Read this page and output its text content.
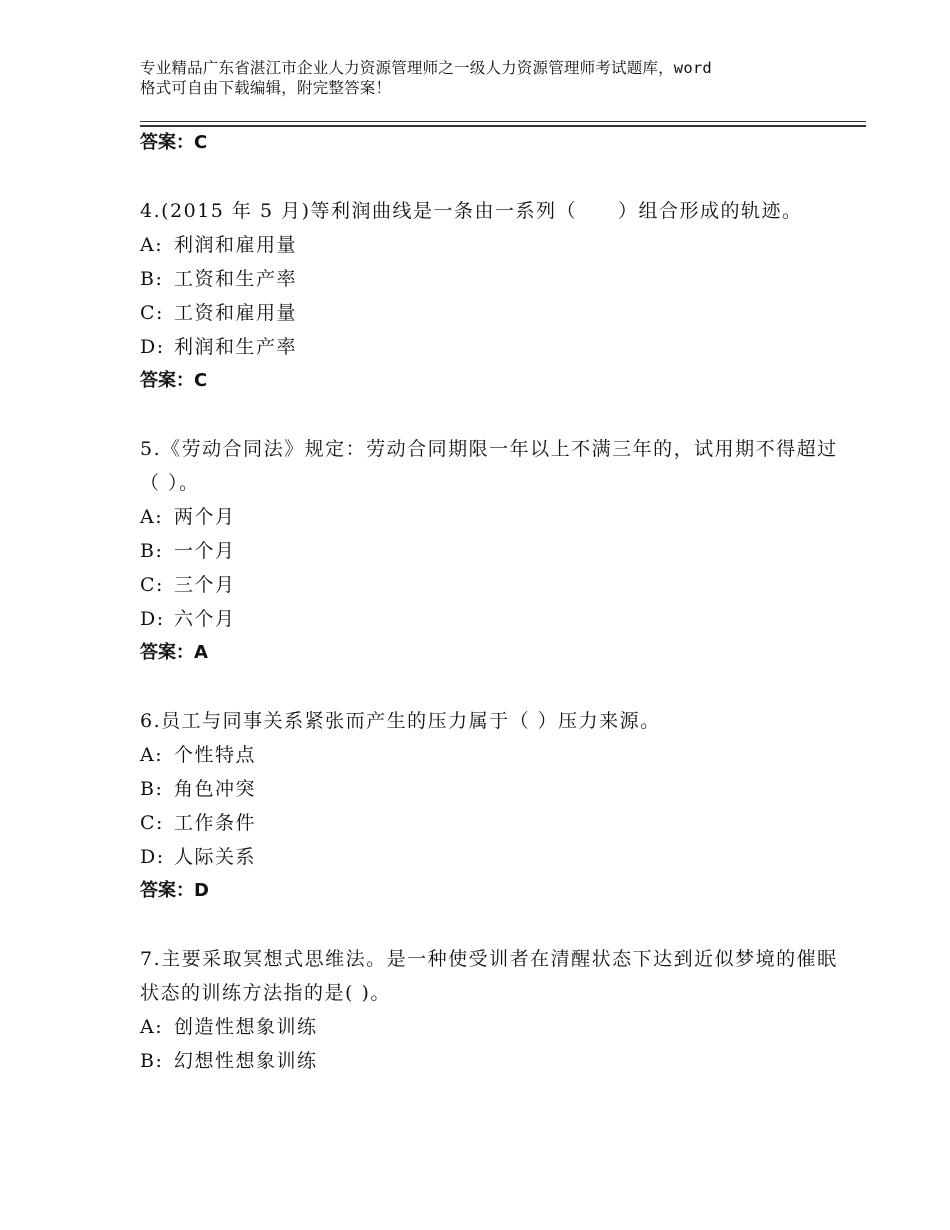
专业精品广东省湛江市企业人力资源管理师之一级人力资源管理师考试题库，word
格式可自由下载编辑，附完整答案！
答案：C
4.(2015 年 5 月)等利润曲线是一条由一系列（　　）组合形成的轨迹。
A: 利润和雇用量
B: 工资和生产率
C: 工资和雇用量
D: 利润和生产率
答案：C
5.《劳动合同法》规定：劳动合同期限一年以上不满三年的，试用期不得超过（ ）。
A: 两个月
B: 一个月
C: 三个月
D: 六个月
答案：A
6.员工与同事关系紧张而产生的压力属于（ ）压力来源。
A: 个性特点
B: 角色冲突
C: 工作条件
D: 人际关系
答案：D
7.主要采取冥想式思维法。是一种使受训者在清醒状态下达到近似梦境的催眠状态的训练方法指的是( )。
A: 创造性想象训练
B: 幻想性想象训练
